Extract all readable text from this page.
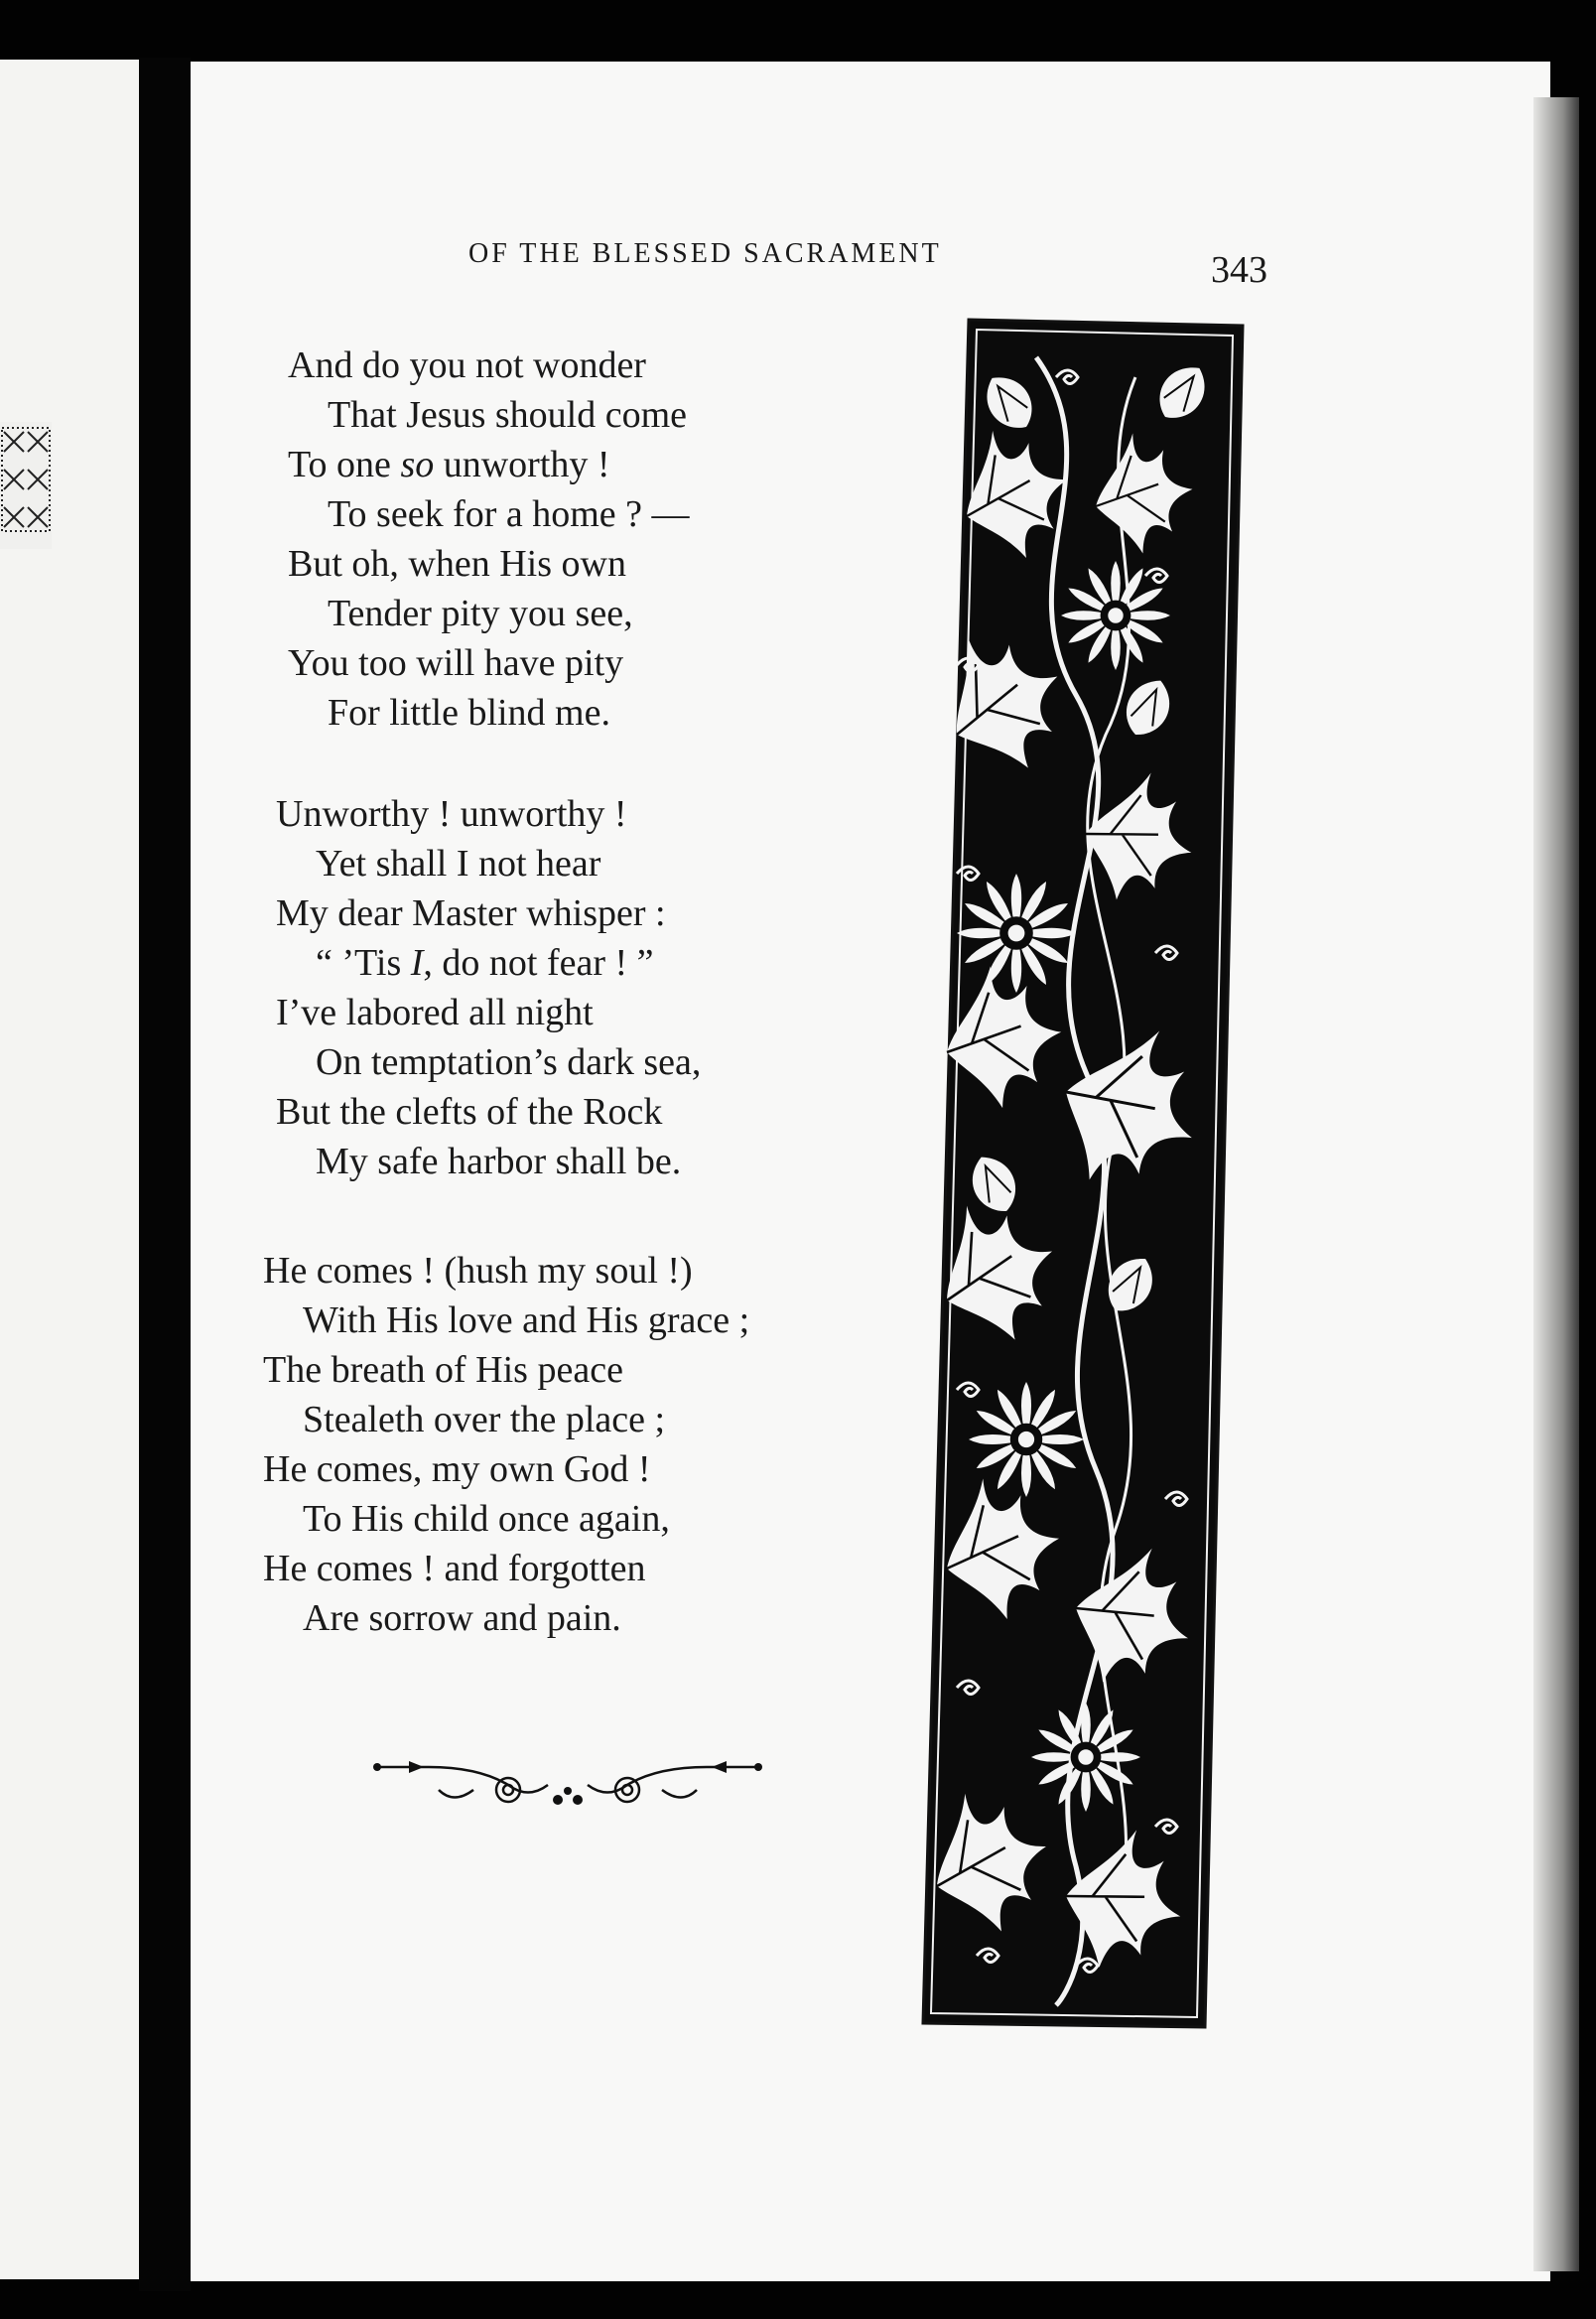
OF THE BLESSED SACRAMENT	343
And do you not wonder
That Jesus should come
To one so unworthy !
To seek for a home ? —
But oh, when His own
Tender pity you see,
You too will have pity
For little blind me.
Unworthy ! unworthy !
Yet shall I not hear
My dear Master whisper :
“ ’Tis I, do not fear ! ”
I’ve labored all night
On temptation’s dark sea,
But the clefts of the Rock
My safe harbor shall be.
He comes ! (hush my soul !)
With His love and His grace ;
The breath of His peace
Stealeth over the place ;
He comes, my own God !
To His child once again,
He comes ! and forgotten
Are sorrow and pain.
